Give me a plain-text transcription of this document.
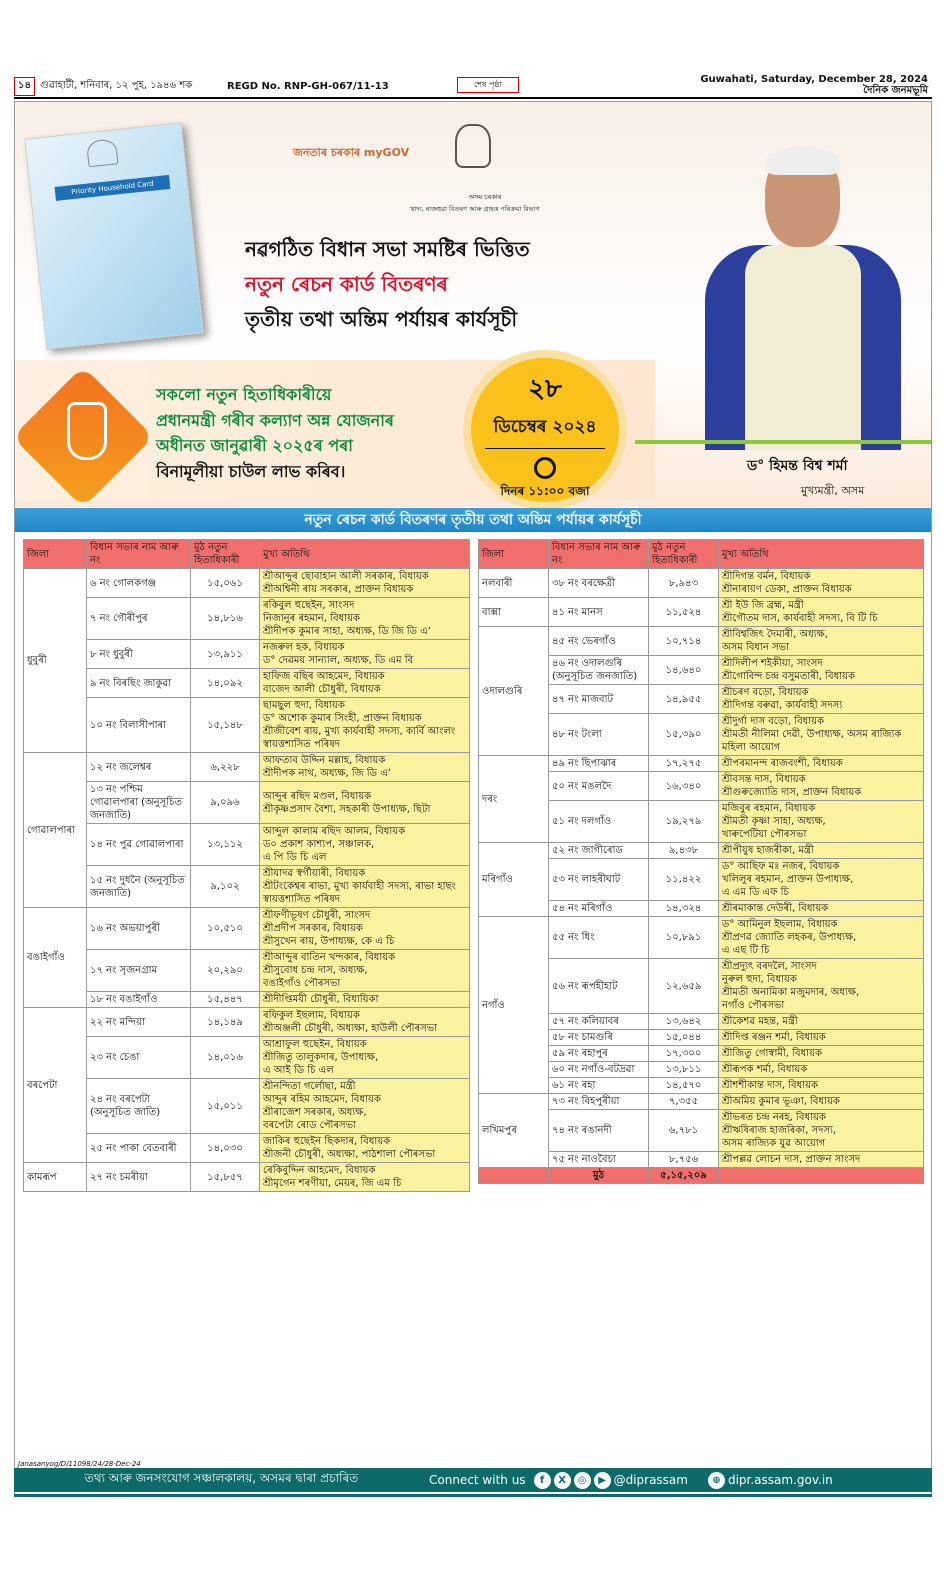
১৪ গুৱাহাটী, শনিবাৰ, ১২ পুহ, ১৯৪৬ শক	REGD No. RNP-GH-067/11-13	শেষ পৃষ্ঠা	Guwahati, Saturday, December 28, 2024
দৈনিক জনমভূমি
Priority Household Card
জনতাৰ চৰকাৰ myGOV
অসম চৰকাৰ
খাদ্য, ৰাজহুৱা বিতৰণ আৰু গ্ৰাহক পৰিক্ৰমা বিভাগ
নৱগঠিত বিধান সভা সমষ্টিৰ ভিত্তিত
নতুন ৰেচন কাৰ্ড বিতৰণৰ
তৃতীয় তথা অন্তিম পৰ্যায়ৰ কাৰ্যসূচী
সকলো নতুন হিতাধিকাৰীয়ে
প্ৰধানমন্ত্ৰী গৰীব কল্যাণ অন্ন যোজনাৰ
অধীনত জানুৱাৰী ২০২৫ৰ পৰা
বিনামূলীয়া চাউল লাভ কৰিব।
২৮
ডিচেম্বৰ ২০২৪
দিনৰ ১১:০০ বজা
ড° হিমন্ত বিশ্ব শৰ্মা
মুখ্যমন্ত্ৰী, অসম
নতুন ৰেচন কাৰ্ড বিতৰণৰ তৃতীয় তথা অন্তিম পৰ্যায়ৰ কাৰ্যসূচী
জিলা	বিধান সভাৰ নাম আৰু নং	মুঠ নতুন হিতাধিকাৰী	মুখ্য অতিথি
ধুবুৰী	৬ নং গোলকগঞ্জ	১৫,০৬১	শ্ৰীআব্দুৰ ছোবাহান আলী সৰকাৰ, বিধায়ক
শ্ৰীঅশ্বিনী ৰায় সৰকাৰ, প্ৰাক্তন বিধায়ক
	৭ নং গৌৰীপুৰ	১৪,৮১৬	ৰকিবুল হুছেইন, সাংসদ
নিজানুৰ ৰহমান, বিধায়ক
শ্ৰীদীপক কুমাৰ সাহা, অধ্যক্ষ, ডি জি ডি এ’
	৮ নং ধুবুৰী	১৩,৯১১	নজৰুল হক, বিধায়ক
ড° দেৱময় সান্যাল, অধ্যক্ষ, ডি এম বি
	৯ নং বিৰছিং জাকুৱা	১৪,০৯২	হাফিজ বছিৰ আহমেদ, বিধায়ক
বাজেদ আলী চৌধুৰী, বিধায়ক
	১০ নং বিলাসীপাৰা	১৫,১৪৮	ছামছুল হুদা, বিধায়ক
ড° অশোক কুমাৰ সিংহী, প্ৰাক্তন বিধায়ক
শ্ৰীজীবেশ ৰায়, মুখ্য কাৰ্যবাহী সদস্য, কাৰ্বি আংলং স্বায়ত্তশাসিত পৰিষদ
গোৱালপাৰা	১২ নং জলেশ্বৰ	৬,২২৮	আফতাব উদ্দিন মল্লাহ, বিধায়ক
শ্ৰীদীপক নাথ, অধ্যক্ষ, জি ডি এ’
	১৩ নং পশ্চিম গোৱালপাৰা (অনুসূচিত জনজাতি)	৯,০৯৬	আব্দুৰ ৰছিদ মণ্ডল, বিধায়ক
শ্ৰীকৃষ্ণপ্ৰসাদ বৈশ্য, সহকাৰী উপাধ্যক্ষ, ছিটা
	১৪ নং পুৱ গোৱালপাৰা	১৩,১১২	আব্দুল কালাম ৰছিদ আলম, বিধায়ক
ড০ প্ৰকাশ কাশ্যপ, সঞ্চালক,
এ পি ডি চি এল
	১৫ নং দুধনৈ (অনুসূচিত জনজাতি)	৯,১০২	শ্ৰীযাদৱ স্বৰ্গীয়াৰী, বিধায়ক
শ্ৰীটংকেশ্বৰ ৰাভা, মুখ্য কাৰ্যবাহী সদস্য, ৰাভা হাছং স্বায়ত্তশাসিত পৰিষদ
বঙাইগাঁও	১৬ নং অভয়াপুৰী	১০,৫১০	শ্ৰীফণীভূষণ চৌধুৰী, সাংসদ
শ্ৰীপ্ৰদীপ সৰকাৰ, বিধায়ক
শ্ৰীসুখেন ৰায়, উপাধ্যক্ষ, কে এ চি
	১৭ নং সৃজনগ্ৰাম	২০,২৯০	শ্ৰীআব্দুৰ বাতিন খন্দকাৰ, বিধায়ক
শ্ৰীসুবোধ চন্দ্ৰ দাস, অধ্যক্ষ,
বঙাইগাঁও পৌৰসভা
	১৮ নং বঙাইগাঁও	১৫,৪৪৭	শ্ৰীদীপ্তিময়ী চৌধুৰী, বিধায়িকা
বৰপেটা	২২ নং মন্দিয়া	১৪,১৪৯	ৰফিকুল ইছলাম, বিধায়ক
শ্ৰীঅঞ্জলী চৌধুৰী, অধ্যক্ষা, হাউলী পৌৰসভা
	২৩ নং চেঙা	১৪,০১৬	আশ্ৰাফুল হুছেইন, বিধায়ক
শ্ৰীজিতু তালুকদাৰ, উপাধ্যক্ষ,
এ আই ডি চি এল
	২৪ নং বৰপেটা (অনুসূচিত জাতি)	১৫,০১১	শ্ৰীনন্দিতা গৰ্লোছা, মন্ত্ৰী
আব্দুৰ ৰহিম আহমেদ, বিধায়ক
শ্ৰীৰাজেশ সৰকাৰ, অধ্যক্ষ,
বৰপেটা ৰোড পৌৰসভা
	২৫ নং পাকা বেতবাৰী	১৪,০৩০	জাকিৰ হুছেইন ছিকদাৰ, বিধায়ক
শ্ৰীজনী চৌধুৰী, অধ্যক্ষা, পাঠশালা পৌৰসভা
কামৰূপ	২৭ নং চমৰীয়া	১৫,৮৫৭	ৰেকিবুদ্দিন আহমেদ, বিধায়ক
শ্ৰীমৃগেন শৰণীয়া, মেয়ৰ, জি এম চি
জিলা	বিধান সভাৰ নাম আৰু নং	মুঠ নতুন হিতাধিকাৰী	মুখ্য অতিথি
নলবাৰী	৩৮ নং বৰক্ষেত্ৰী	৮,৯৪৩	শ্ৰীদিগন্ত বৰ্মন, বিধায়ক
শ্ৰীনাৰায়ণ ডেকা, প্ৰাক্তন বিধায়ক
বাক্সা	৪১ নং মানস	১১,৫২৪	শ্ৰী ইউ জি ব্ৰহ্ম, মন্ত্ৰী
শ্ৰীগৌতম দাস, কাৰ্যবাহী সদস্য, বি টি চি
ওদালগুৰি	৪৫ নং ভেৰগাঁও	১০,৭১৪	শ্ৰীবিশ্বজিৎ দৈমাৰী, অধ্যক্ষ,
অসম বিধান সভা
	৪৬ নং ওদালগুৰি (অনুসূচিত জনজাতি)	১৪,৬৪০	শ্ৰীদিলীপ শইকীয়া, সাংসদ
শ্ৰীগোবিন্দ চন্দ্ৰ বসুমতাৰী, বিধায়ক
	৪৭ নং মাজবাট	১৪,৯৫৫	শ্ৰীচৰণ বড়ো, বিধায়ক
শ্ৰীদিগন্ত বৰুৱা, কাৰ্যবাহী সদস্য
	৪৮ নং টংলা	১৫,৩৯০	শ্ৰীদুৰ্গা দাস বড়ো, বিধায়ক
শ্ৰীমতী নীলিমা দেৱী, উপাধ্যক্ষ, অসম ৰাজ্যিক মহিলা আয়োগ
দৰং	৪৯ নং ছিপাঝাৰ	১৭,২৭৫	শ্ৰীপৰমানন্দ ৰাজবংশী, বিধায়ক
	৫০ নং মঙলদৈ	১৬,৩৪০	শ্ৰীবসন্ত দাস, বিধায়ক
শ্ৰীগুৰুজ্যোতি দাস, প্ৰাক্তন বিধায়ক
	৫১ নং দলগাঁও	১৯,২৭৯	মজিবুৰ ৰহমান, বিধায়ক
শ্ৰীমতী কৃষ্ণা সাহা, অধ্যক্ষ,
খাৰুপেটিয়া পৌৰসভা
মৰিগাঁও	৫২ নং জাগীৰোড	৯,৪৩৮	শ্ৰীপীযুষ হাজৰীকা, মন্ত্ৰী
	৫৩ নং লাহৰীঘাট	১১,৪২২	ড° আছিফ মঃ নজৰ, বিধায়ক
খলিলুৰ ৰহমান, প্ৰাক্তন উপাধ্যক্ষ,
এ এম ডি এফ চি
	৫৪ নং মৰিগাঁও	১৪,৩২৪	শ্ৰীৰমাকান্ত দেউৰী, বিধায়ক
নগাঁও	৫৫ নং ধিং	১০,৮৯১	ড° আমিনুল ইছলাম, বিধায়ক
শ্ৰীপ্ৰণৱ জ্যোতি লহকৰ, উপাধ্যক্ষ,
এ এছ টি চি
	৫৬ নং ৰূপহীহাট	১২,৬৫৯	শ্ৰীপ্ৰদ্যুৎ বৰদলৈ, সাংসদ
নুৰুল হুদা, বিধায়ক
শ্ৰীমতী অনামিকা মজুমদাৰ, অধ্যক্ষ,
নগাঁও পৌৰসভা
	৫৭ নং কলিয়াবৰ	১৩,৬৪২	শ্ৰীকেশৱ মহন্ত, মন্ত্ৰী
	৫৮ নং চামগুৰি	১৫,০৪৪	শ্ৰীদিপ্ত ৰঞ্জন শৰ্মা, বিধায়ক
	৫৯ নং ৰহাপুৰ	১৭,৩০০	শ্ৰীজিতু গোস্বামী, বিধায়ক
	৬০ নং নগাঁও-বটদ্ৰৱা	১৩,৮১১	শ্ৰীৰূপক শৰ্মা, বিধায়ক
	৬১ নং ৰহা	১৪,৫৭০	শ্ৰীশশীকান্ত দাস, বিধায়ক
লখিমপুৰ	৭৩ নং বিহপুৰীয়া	৭,৩৫৫	শ্ৰীঅমিয় কুমাৰ ভূঞা, বিধায়ক
	৭৪ নং ৰঙানদী	৬,৭৮১	শ্ৰীভৰত চন্দ্ৰ নৰহ, বিধায়ক
শ্ৰীঋষিৰাজ হাজৰিকা, সদস্য,
অসম ৰাজ্যিক যুৱ আয়োগ
	৭৫ নং নাওবৈচা	৮,৭৫৬	শ্ৰীপল্লৱ লোচন দাস, প্ৰাক্তন সাংসদ
	মুঠ	৫,১৫,২০৯	
Janasanyog/D/11098/24/28-Dec-24
তথ্য আৰু জনসংযোগ সঞ্চালকালয়, অসমৰ দ্বাৰা প্ৰচাৰিত	Connect with us	f	X	◎	▶ @diprassam	⊕ dipr.assam.gov.in
